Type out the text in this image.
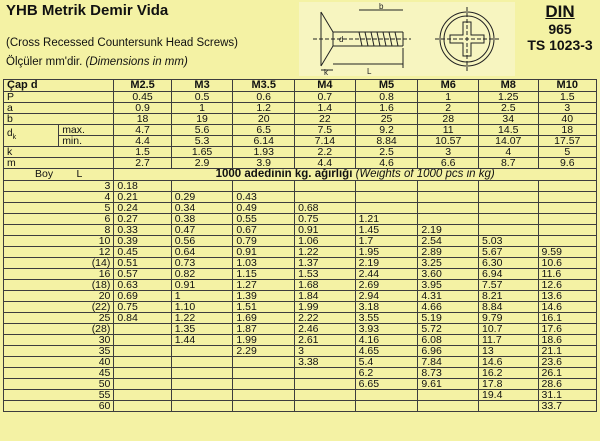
YHB Metrik Demir Vida
(Cross Recessed Countersunk Head Screws)
Ölçüler mm'dir. (Dimensions in mm)
b
d
k	L
DIN
965
TS 1023-3
Çap d		M2.5	M3	M3.5	M4	M5	M6	M8	M10
P		0.45	0.5	0.6	0.7	0.8	1	1.25	1.5
a		0.9	1	1.2	1.4	1.6	2	2.5	3
b		18	19	20	22	25	28	34	40
$d_k$	max.	4.7	5.6	6.5	7.5	9.2	11	14.5	18
	min.	4.4	5.3	6.14	7.14	8.84	10.57	14.07	17.57
k		1.5	1.65	1.93	2.2	2.5	3	4	5
m		2.7	2.9	3.9	4.4	4.6	6.6	8.7	9.6
Boy L		1000 adedinin kg. ağırlığı (Weights of 1000 pcs in kg)							
3		0.18							
4		0.21	0.29	0.43					
5		0.24	0.34	0.49	0.68				
6		0.27	0.38	0.55	0.75	1.21			
8		0.33	0.47	0.67	0.91	1.45	2.19		
10		0.39	0.56	0.79	1.06	1.7	2.54	5.03	
12		0.45	0.64	0.91	1.22	1.95	2.89	5.67	9.59
(14)		0.51	0.73	1.03	1.37	2.19	3.25	6.30	10.6
16		0.57	0.82	1.15	1.53	2.44	3.60	6.94	11.6
(18)		0.63	0.91	1.27	1.68	2.69	3.95	7.57	12.6
20		0.69	1	1.39	1.84	2.94	4.31	8.21	13.6
(22)		0.75	1.10	1.51	1.99	3.18	4.66	8.84	14.6
25		0.84	1.22	1.69	2.22	3.55	5.19	9.79	16.1
(28)			1.35	1.87	2.46	3.93	5.72	10.7	17.6
30			1.44	1.99	2.61	4.16	6.08	11.7	18.6
35				2.29	3	4.65	6.96	13	21.1
40					3.38	5.4	7.84	14.6	23.6
45						6.2	8.73	16.2	26.1
50						6.65	9.61	17.8	28.6
55								19.4	31.1
60									33.7
